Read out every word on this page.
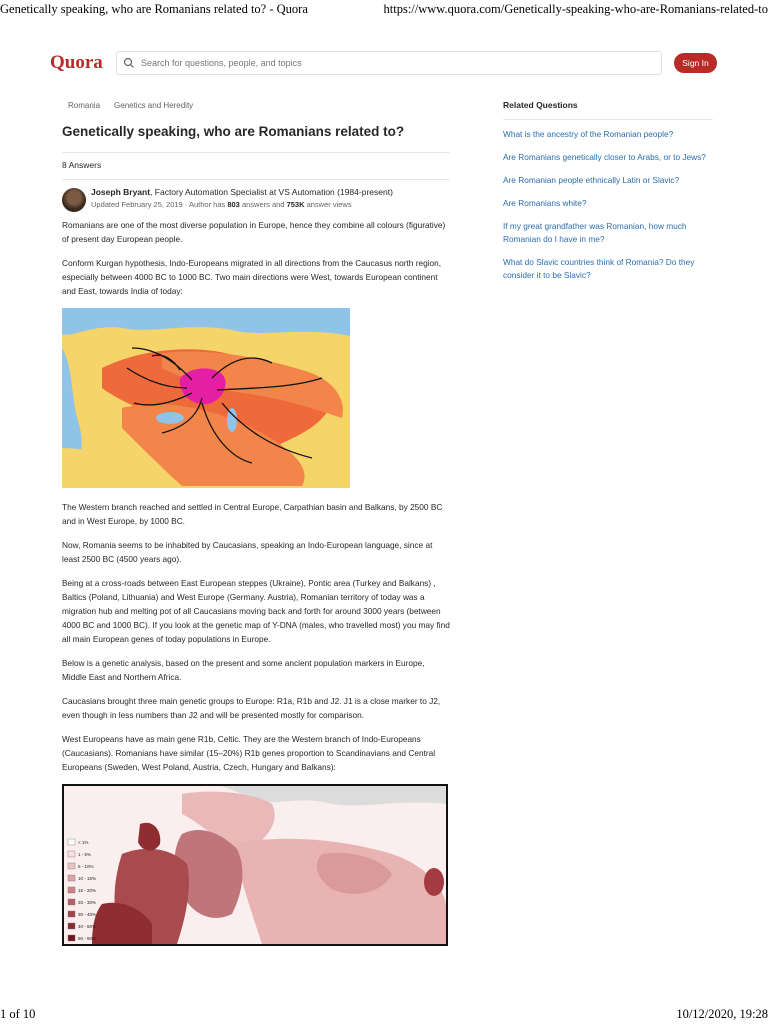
Genetically speaking, who are Romanians related to? - Quora	https://www.quora.com/Genetically-speaking-who-are-Romanians-related-to
Quora
Search for questions, people, and topics	Sign In
Romania Genetics and Heredity
Genetically speaking, who are Romanians related to?
8 Answers
Joseph Bryant, Factory Automation Specialist at VS Automation (1984-present)
Updated February 25, 2019 · Author has 803 answers and 753K answer views

Romanians are one of the most diverse population in Europe, hence they combine all colours (figurative) of present day European people.

Conform Kurgan hypothesis, Indo-Europeans migrated in all directions from the Caucasus north region, especially between 4000 BC to 1000 BC. Two main directions were West, towards European continent and East, towards India of today:

The Western branch reached and settled in Central Europe, Carpathian basin and Balkans, by 2500 BC and in West Europe, by 1000 BC.

Now, Romania seems to be inhabited by Caucasians, speaking an Indo-European language, since at least 2500 BC (4500 years ago).

Being at a cross-roads between East European steppes (Ukraine), Pontic area (Turkey and Balkans) , Baltics (Poland, Lithuania) and West Europe (Germany. Austria), Romanian territory of today was a migration hub and melting pot of all Caucasians moving back and forth for around 3000 years (between 4000 BC and 1000 BC). If you look at the genetic map of Y-DNA (males, who travelled most) you may find all main European genes of today populations in Europe.

Below is a genetic analysis, based on the present and some ancient population markers in Europe, Middle East and Northern Africa.

Caucasians brought three main genetic groups to Europe: R1a, R1b and J2. J1 is a close marker to J2, even though in less numbers than J2 and will be presented mostly for comparison.

West Europeans have as main gene R1b, Celtic. They are the Western branch of Indo-Europeans (Caucasians). Romanians have similar (15–20%) R1b genes proportion to Scandinavians and Central Europeans (Sweden, West Poland, Austria, Czech, Hungary and Balkans):

< 1%
1 - 5%
5 - 10%
10 - 15%
15 - 20%
20 - 30%
30 - 40%
40 - 50%
50 - 60%
Related Questions
What is the ancestry of the Romanian people?
Are Romanians genetically closer to Arabs, or to Jews?
Are Romanian people ethnically Latin or Slavic?
Are Romanians white?
If my great grandfather was Romanian, how much Romanian do I have in me?
What do Slavic countries think of Romania? Do they consider it to be Slavic?
1 of 10	10/12/2020, 19:28
